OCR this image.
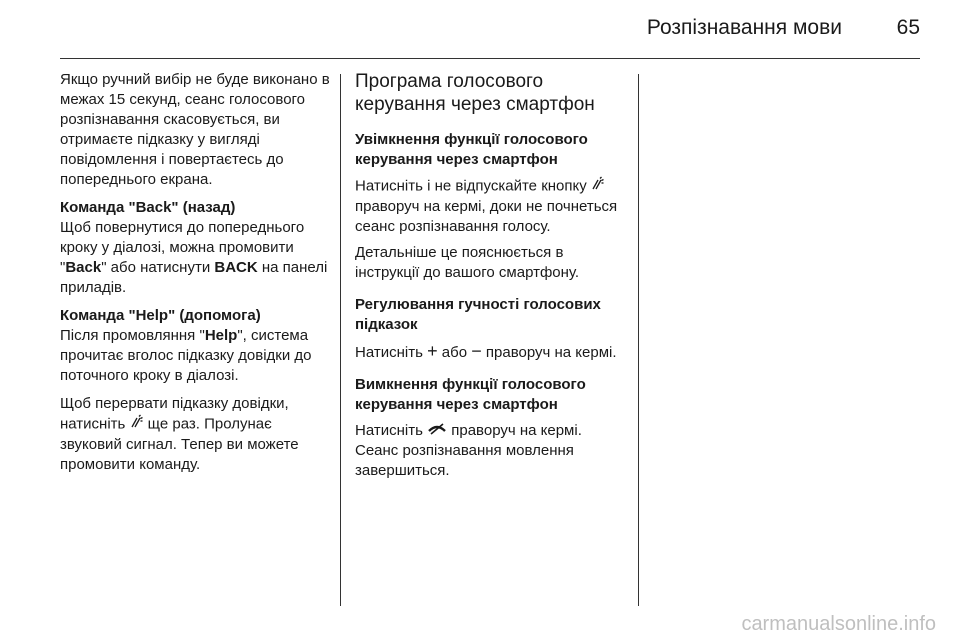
Розпізнавання мови	65

Якщо ручний вибір не буде виконано в межах 15 секунд, сеанс голосового розпізнавання скасовується, ви отримаєте підказку у вигляді повідомлення і повертаєтесь до попереднього екрана.

Команда "Back" (назад)

Щоб повернутися до попереднього кроку у діалозі, можна промовити "Back" або натиснути BACK на панелі приладів.

Команда "Help" (допомога)

Після промовляння "Help", система прочитає вголос підказку довідки до поточного кроку в діалозі.

Щоб перервати підказку довідки, натисніть  ще раз. Пролунає звуковий сигнал. Тепер ви можете промовити команду.

Програма голосового керування через смартфон

Увімкнення функції голосового керування через смартфон

Натисніть і не відпускайте кнопку  праворуч на кермі, доки не почнеться сеанс розпізнавання голосу.

Детальніше це пояснюється в інструкції до вашого смартфону.

Регулювання гучності голосових підказок

Натисніть + або − праворуч на кермі.

Вимкнення функції голосового керування через смартфон

Натисніть  праворуч на кермі. Сеанс розпізнавання мовлення завершиться.

carmanualsonline.info
